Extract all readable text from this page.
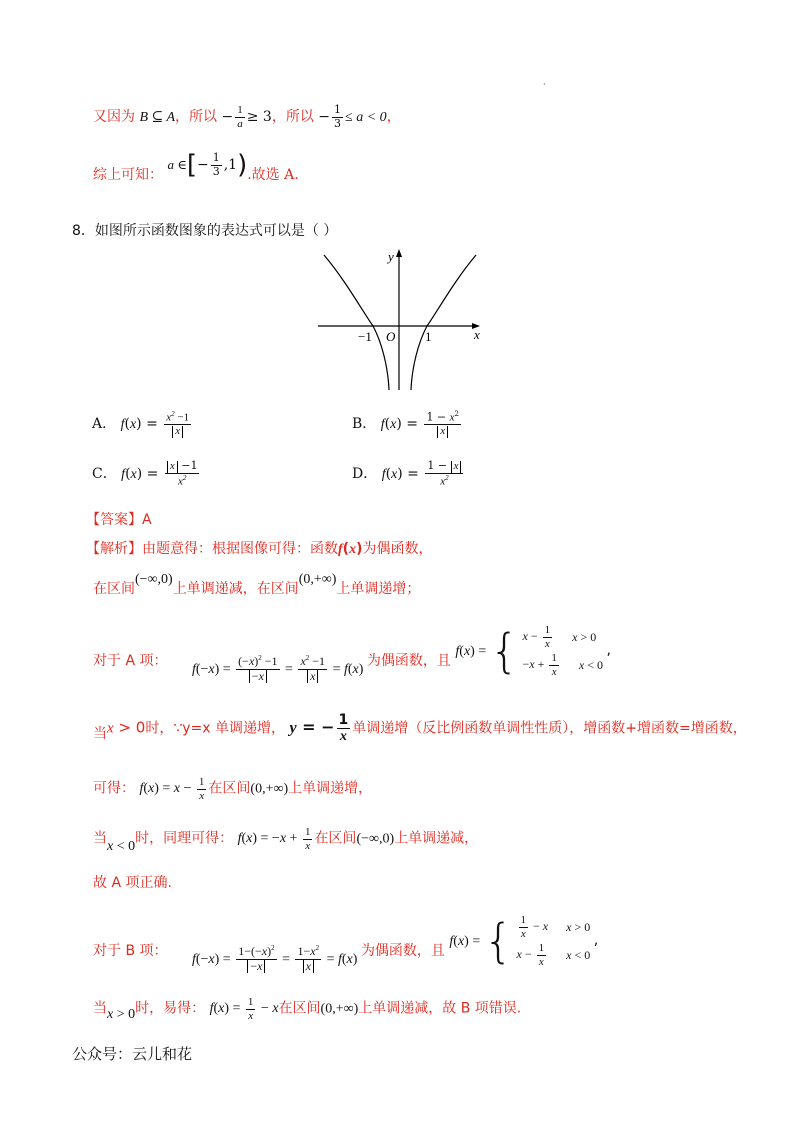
·
又因为 B ⊆ A，所以 − $\frac{1}{a} \ge 3$，所以 − $\frac{1}{3} \le a < 0$，
综上可知： a ∈[− $\frac{1}{3} ,1$).故选 A.
8．如图所示函数图象的表达式可以是（ ）
y
x
O
−1	1
A． $f(x) = \frac{x^2 -1}{x}$	B． $f(x) = \frac{1 - x^2}{x}$
C． $f(x) = \frac{x -1}{x^2}$	D． $f(x) = \frac{1 - x}{x^2}$
【答案】A
【解析】由题意得：根据图像可得：函数f(x)为偶函数，
在区间(−∞,0)上单调递减，在区间(0,+∞)上单调递增；
对于 A 项： $f(-x) = \frac{(-x)^2 -1}{-x} = \frac{x^2 -1}{x} = f(x)$ 为偶函数，且 f(x) = { $x - \frac{1}{x}$ x > 0
$-x + \frac{1}{x}$ x < 0
,
当x > 0时，∵y=x 单调递增， y = − $\frac{1}{x}$ 单调递增（反比例函数单调性性质），增函数+增函数=增函数，
可得： $f(x) = x - \frac{1}{x}$ 在区间(0,+∞)上单调递增，
当x < 0时，同理可得： $f(x) = -x + \frac{1}{x}$ 在区间(−∞,0)上单调递减，
故 A 项正确.
对于 B 项： $f(-x) = \frac{1-(-x)^2}{-x} = \frac{1-x^2}{x} = f(x)$ 为偶函数，且 f(x) = { $\frac{1}{x} - x$ x > 0
$x - \frac{1}{x}$ x < 0
,
当x > 0时，易得： $f(x) = \frac{1}{x} - x$在区间(0,+∞)上单调递减，故 B 项错误.
公众号：云儿和花
